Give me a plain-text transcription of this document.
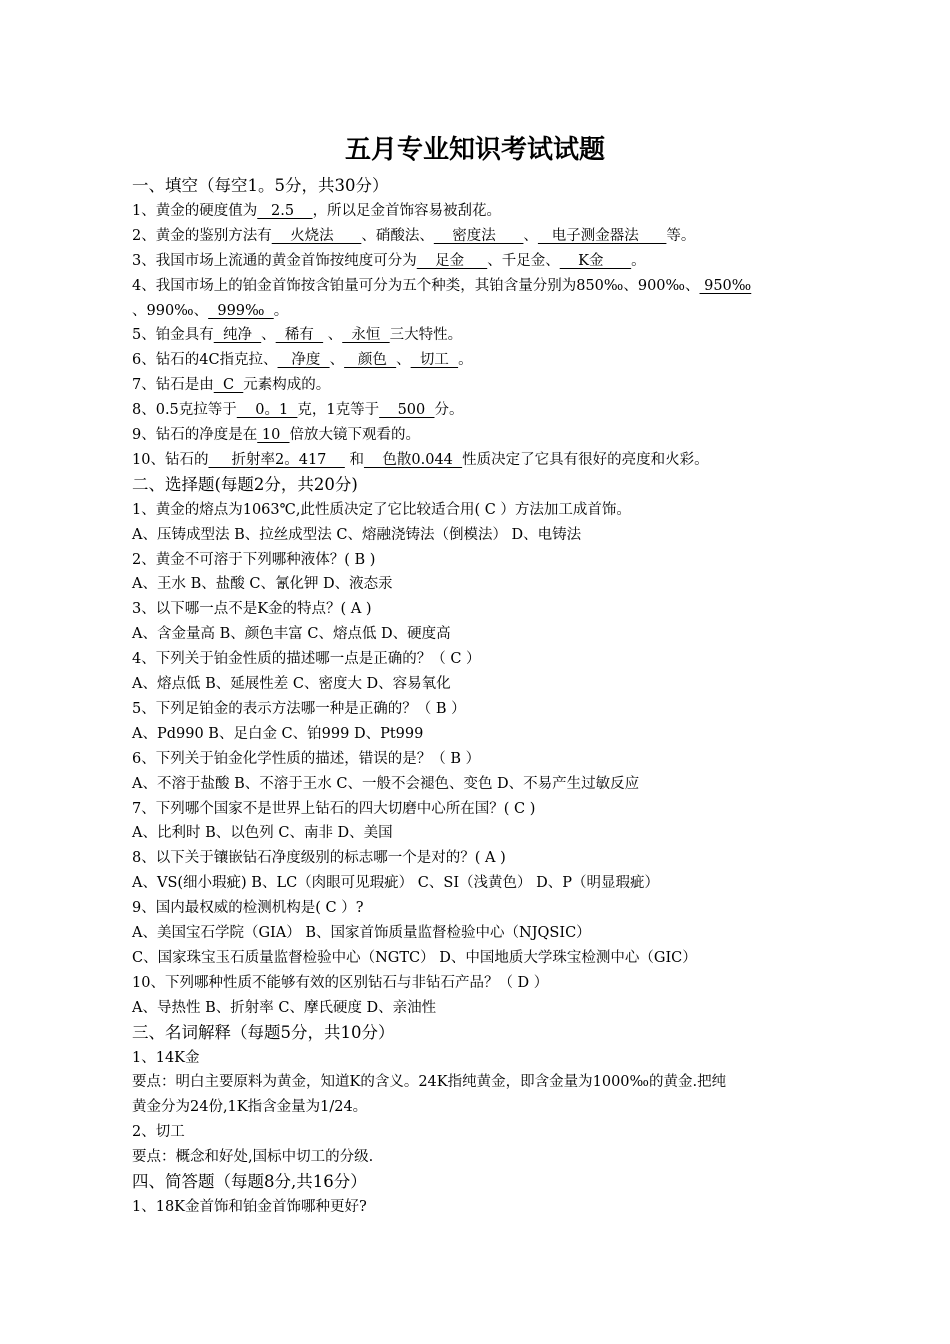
五月专业知识考试试题
一、填空（每空1。5分，共30分）
1、黄金的硬度值为   2.5    ，所以足金首饰容易被刮花。
2、黄金的鉴别方法有    火烧法      、硝酸法、    密度法      、   电子测金器法      等。
3、我国市场上流通的黄金首饰按纯度可分为    足金     、千足金、    K金      。
4、我国市场上的铂金首饰按含铂量可分为五个种类，其铂含量分别为850‰、900‰、 950‰
、990‰、  999‰  。
5、铂金具有  纯净  、  稀有   、  永恒  三大特性。
6、钻石的4C指克拉、   净度  、   颜色  、  切工  。
7、钻石是由  C  元素构成的。
8、0.5克拉等于    0。1  克，1克等于    500  分。
9、钻石的净度是在 10  倍放大镜下观看的。
10、钻石的     折射率2。417     和    色散0.044  性质决定了它具有很好的亮度和火彩。
二、选择题(每题2分，共20分)
1、黄金的熔点为1063℃,此性质决定了它比较适合用( C ）方法加工成首饰。
A、压铸成型法 B、拉丝成型法 C、熔融浇铸法（倒模法） D、电铸法
2、黄金不可溶于下列哪种液体？( B )
A、王水 B、盐酸 C、氰化钾 D、液态汞
3、以下哪一点不是K金的特点？( A )
A、含金量高 B、颜色丰富 C、熔点低 D、硬度高
4、下列关于铂金性质的描述哪一点是正确的？（ C ）
A、熔点低 B、延展性差 C、密度大 D、容易氧化
5、下列足铂金的表示方法哪一种是正确的？（ B ）
A、Pd990 B、足白金 C、铂999 D、Pt999
6、下列关于铂金化学性质的描述，错误的是？（ B ）
A、不溶于盐酸 B、不溶于王水 C、一般不会褪色、变色 D、不易产生过敏反应
7、下列哪个国家不是世界上钻石的四大切磨中心所在国？( C )
A、比利时 B、以色列 C、南非 D、美国
8、以下关于镶嵌钻石净度级别的标志哪一个是对的？( A )
A、VS(细小瑕疵) B、LC（肉眼可见瑕疵） C、SI（浅黄色） D、P（明显瑕疵）
9、国内最权威的检测机构是( C ）?
A、美国宝石学院（GIA） B、国家首饰质量监督检验中心（NJQSIC）
C、国家珠宝玉石质量监督检验中心（NGTC） D、中国地质大学珠宝检测中心（GIC）
10、下列哪种性质不能够有效的区别钻石与非钻石产品？（ D ）
A、导热性 B、折射率 C、摩氏硬度 D、亲油性
三、名词解释（每题5分，共10分）
1、14K金
要点：明白主要原料为黄金，知道K的含义。24K指纯黄金，即含金量为1000‰的黄金.把纯
黄金分为24份,1K指含金量为1/24。
2、切工
要点：概念和好处,国标中切工的分级.
四、简答题（每题8分,共16分）
1、18K金首饰和铂金首饰哪种更好?
